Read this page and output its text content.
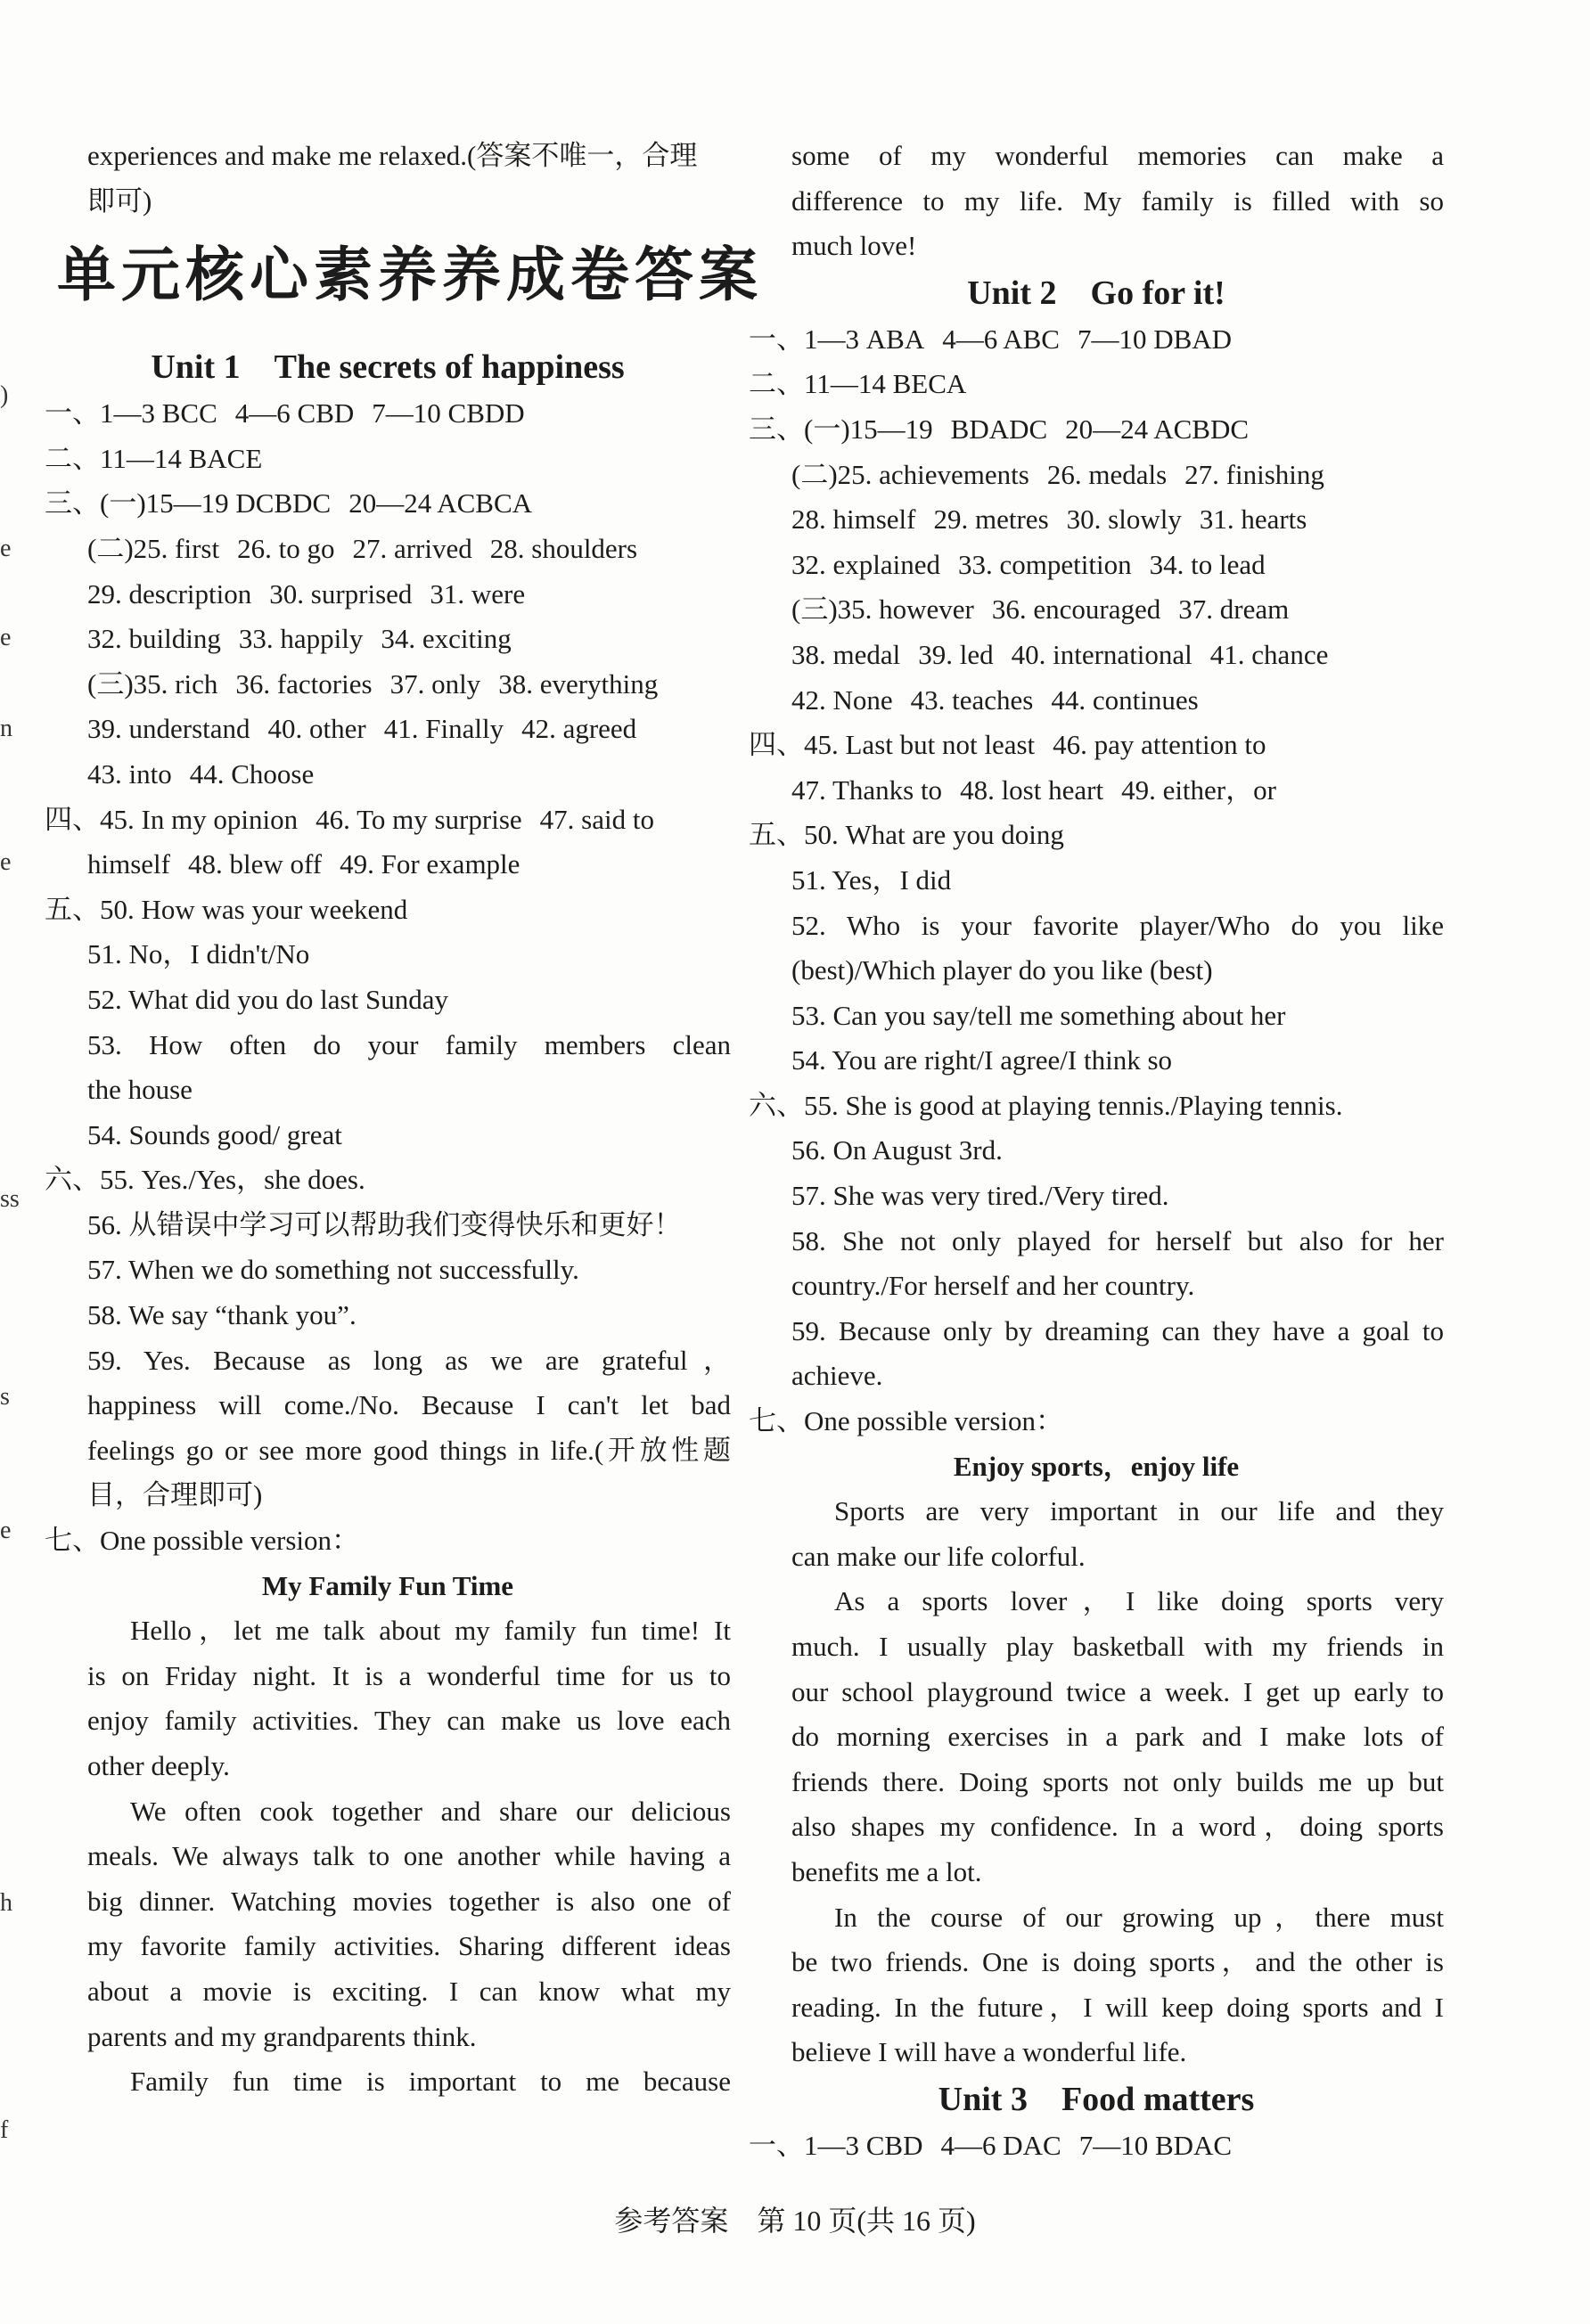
)
e
e
n
e
ss
s
e
h
f
experiences and make me relaxed.(答案不唯一，合理
即可)
单元核心素养养成卷答案
Unit 1 The secrets of happiness
一、1—3 BCC 4—6 CBD 7—10 CBDD
二、11—14 BACE
三、(一)15—19 DCBDC 20—24 ACBCA
(二)25. first 26. to go 27. arrived 28. shoulders
29. description 30. surprised 31. were
32. building 33. happily 34. exciting
(三)35. rich 36. factories 37. only 38. everything
39. understand 40. other 41. Finally 42. agreed
43. into 44. Choose
四、45. In my opinion 46. To my surprise 47. said to
himself 48. blew off 49. For example
五、50. How was your weekend
51. No，I didn't/No
52. What did you do last Sunday
53. How often do your family members clean
the house
54. Sounds good/ great
六、55. Yes./Yes，she does.
56. 从错误中学习可以帮助我们变得快乐和更好！
57. When we do something not successfully.
58. We say “thank you”.
59. Yes. Because as long as we are grateful，
happiness will come./No. Because I can't let bad
feelings go or see more good things in life.(开放性题
目，合理即可)
七、One possible version：
My Family Fun Time
Hello，let me talk about my family fun time! It
is on Friday night. It is a wonderful time for us to
enjoy family activities. They can make us love each
other deeply.
We often cook together and share our delicious
meals. We always talk to one another while having a
big dinner. Watching movies together is also one of
my favorite family activities. Sharing different ideas
about a movie is exciting. I can know what my
parents and my grandparents think.
Family fun time is important to me because
some of my wonderful memories can make a
difference to my life. My family is filled with so
much love!
Unit 2 Go for it!
一、1—3 ABA 4—6 ABC 7—10 DBAD
二、11—14 BECA
三、(一)15—19 BDADC 20—24 ACBDC
(二)25. achievements 26. medals 27. finishing
28. himself 29. metres 30. slowly 31. hearts
32. explained 33. competition 34. to lead
(三)35. however 36. encouraged 37. dream
38. medal 39. led 40. international 41. chance
42. None 43. teaches 44. continues
四、45. Last but not least 46. pay attention to
47. Thanks to 48. lost heart 49. either，or
五、50. What are you doing
51. Yes，I did
52. Who is your favorite player/Who do you like
(best)/Which player do you like (best)
53. Can you say/tell me something about her
54. You are right/I agree/I think so
六、55. She is good at playing tennis./Playing tennis.
56. On August 3rd.
57. She was very tired./Very tired.
58. She not only played for herself but also for her
country./For herself and her country.
59. Because only by dreaming can they have a goal to
achieve.
七、One possible version：
Enjoy sports，enjoy life
Sports are very important in our life and they
can make our life colorful.
As a sports lover，I like doing sports very
much. I usually play basketball with my friends in
our school playground twice a week. I get up early to
do morning exercises in a park and I make lots of
friends there. Doing sports not only builds me up but
also shapes my confidence. In a word，doing sports
benefits me a lot.
In the course of our growing up，there must
be two friends. One is doing sports，and the other is
reading. In the future，I will keep doing sports and I
believe I will have a wonderful life.
Unit 3 Food matters
一、1—3 CBD 4—6 DAC 7—10 BDAC
参考答案　第 10 页(共 16 页)
